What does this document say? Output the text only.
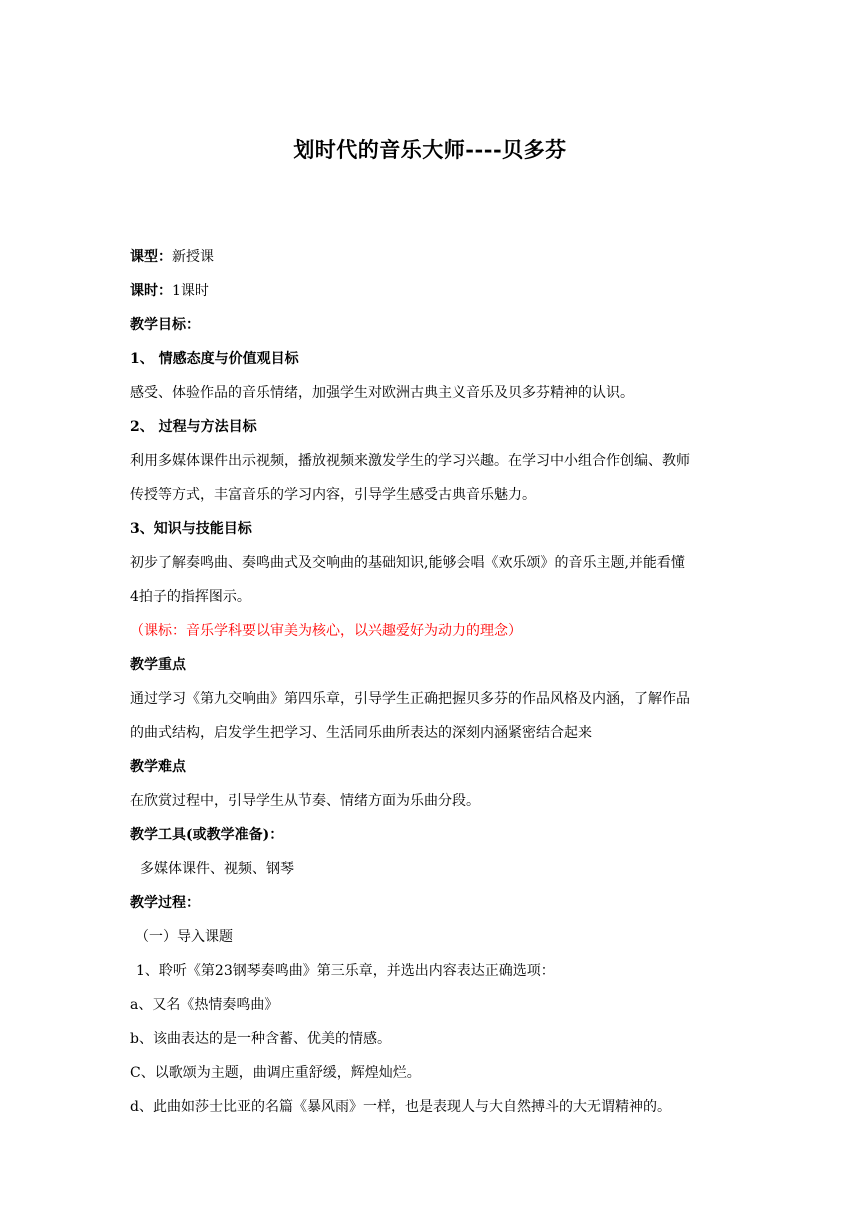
划时代的音乐大师----贝多芬

课型：新授课

课时：1课时

教学目标：

1、 情感态度与价值观目标

感受、体验作品的音乐情绪，加强学生对欧洲古典主义音乐及贝多芬精神的认识。

2、 过程与方法目标

利用多媒体课件出示视频，播放视频来激发学生的学习兴趣。在学习中小组合作创编、教师

传授等方式，丰富音乐的学习内容，引导学生感受古典音乐魅力。

3、知识与技能目标

初步了解奏鸣曲、奏鸣曲式及交响曲的基础知识,能够会唱《欢乐颂》的音乐主题,并能看懂

4拍子的指挥图示。

（课标：音乐学科要以审美为核心，以兴趣爱好为动力的理念）

教学重点

通过学习《第九交响曲》第四乐章，引导学生正确把握贝多芬的作品风格及内涵，了解作品

的曲式结构，启发学生把学习、生活同乐曲所表达的深刻内涵紧密结合起来

教学难点

在欣赏过程中，引导学生从节奏、情绪方面为乐曲分段。

教学工具(或教学准备)：

多媒体课件、视频、钢琴

教学过程：

（一）导入课题

1、聆听《第23钢琴奏鸣曲》第三乐章，并选出内容表达正确选项：

a、又名《热情奏鸣曲》

b、该曲表达的是一种含蓄、优美的情感。

C、以歌颂为主题，曲调庄重舒缓，辉煌灿烂。

d、此曲如莎士比亚的名篇《暴风雨》一样，也是表现人与大自然搏斗的大无谓精神的。
